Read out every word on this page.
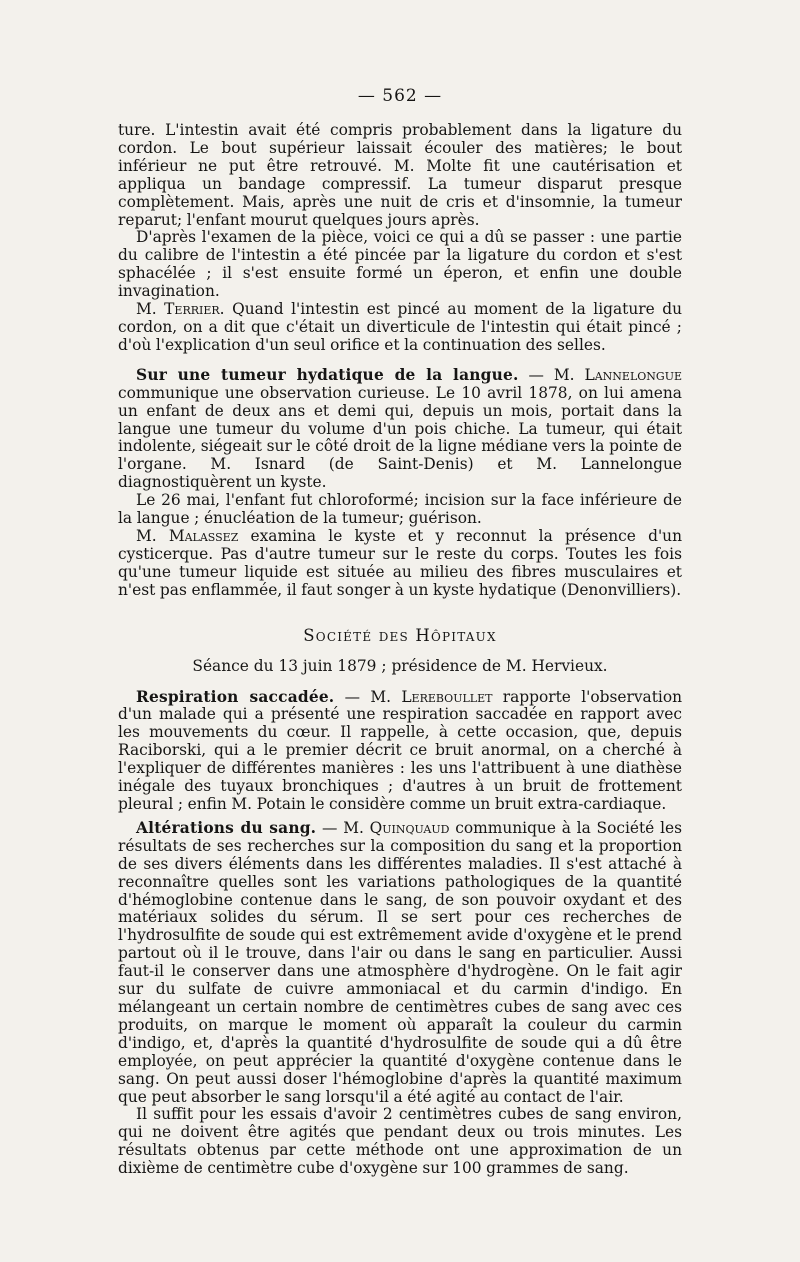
— 562 —

ture. L'intestin avait été compris probablement dans la ligature du cordon. Le bout supérieur laissait écouler des matières; le bout inférieur ne put être retrouvé. M. Molte fit une cautérisation et appliqua un bandage compressif. La tumeur disparut presque complètement. Mais, après une nuit de cris et d'insomnie, la tumeur reparut; l'enfant mourut quelques jours après.

D'après l'examen de la pièce, voici ce qui a dû se passer : une partie du calibre de l'intestin a été pincée par la ligature du cordon et s'est sphacélée ; il s'est ensuite formé un éperon, et enfin une double invagination.

M. Terrier. Quand l'intestin est pincé au moment de la ligature du cordon, on a dit que c'était un diverticule de l'intestin qui était pincé ; d'où l'explication d'un seul orifice et la continuation des selles.

Sur une tumeur hydatique de la langue. — M. Lannelongue communique une observation curieuse. Le 10 avril 1878, on lui amena un enfant de deux ans et demi qui, depuis un mois, portait dans la langue une tumeur du volume d'un pois chiche. La tumeur, qui était indolente, siégeait sur le côté droit de la ligne médiane vers la pointe de l'organe. M. Isnard (de Saint-Denis) et M. Lannelongue diagnostiquèrent un kyste.

Le 26 mai, l'enfant fut chloroformé; incision sur la face inférieure de la langue ; énucléation de la tumeur; guérison.

M. Malassez examina le kyste et y reconnut la présence d'un cysticerque. Pas d'autre tumeur sur le reste du corps. Toutes les fois qu'une tumeur liquide est située au milieu des fibres musculaires et n'est pas enflammée, il faut songer à un kyste hydatique (Denonvilliers).

Société des Hôpitaux

Séance du 13 juin 1879 ; présidence de M. Hervieux.

Respiration saccadée. — M. Lereboullet rapporte l'observation d'un malade qui a présenté une respiration saccadée en rapport avec les mouvements du cœur. Il rappelle, à cette occasion, que, depuis Raciborski, qui a le premier décrit ce bruit anormal, on a cherché à l'expliquer de différentes manières : les uns l'attribuent à une diathèse inégale des tuyaux bronchiques ; d'autres à un bruit de frottement pleural ; enfin M. Potain le considère comme un bruit extra-cardiaque.

Altérations du sang. — M. Quinquaud communique à la Société les résultats de ses recherches sur la composition du sang et la proportion de ses divers éléments dans les différentes maladies. Il s'est attaché à reconnaître quelles sont les variations pathologiques de la quantité d'hémoglobine contenue dans le sang, de son pouvoir oxydant et des matériaux solides du sérum. Il se sert pour ces recherches de l'hydrosulfite de soude qui est extrêmement avide d'oxygène et le prend partout où il le trouve, dans l'air ou dans le sang en particulier. Aussi faut-il le conserver dans une atmosphère d'hydrogène. On le fait agir sur du sulfate de cuivre ammoniacal et du carmin d'indigo. En mélangeant un certain nombre de centimètres cubes de sang avec ces produits, on marque le moment où apparaît la couleur du carmin d'indigo, et, d'après la quantité d'hydrosulfite de soude qui a dû être employée, on peut apprécier la quantité d'oxygène contenue dans le sang. On peut aussi doser l'hémoglobine d'après la quantité maximum que peut absorber le sang lorsqu'il a été agité au contact de l'air.

Il suffit pour les essais d'avoir 2 centimètres cubes de sang environ, qui ne doivent être agités que pendant deux ou trois minutes. Les résultats obtenus par cette méthode ont une approximation de un dixième de centimètre cube d'oxygène sur 100 grammes de sang.
